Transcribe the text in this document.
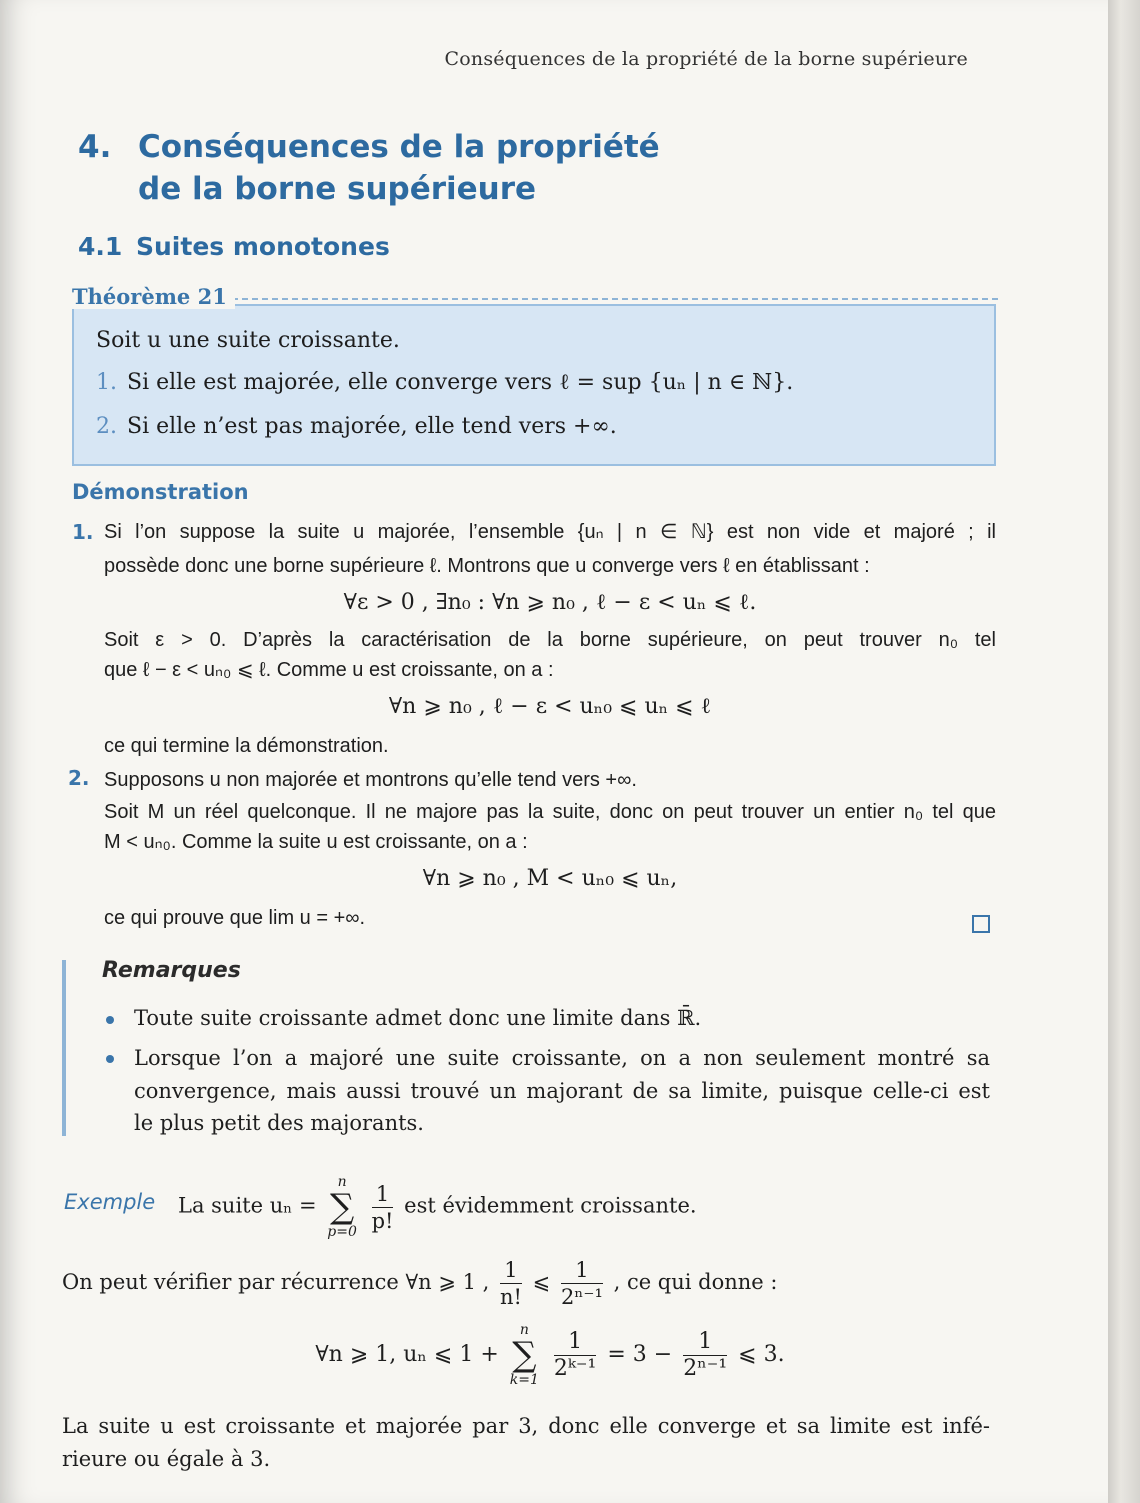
Conséquences de la propriété de la borne supérieure
4. Conséquences de la propriété
de la borne supérieure
4.1 Suites monotones
Théorème 21
Soit u une suite croissante.
1. Si elle est majorée, elle converge vers ℓ = sup {uₙ | n ∈ ℕ}.
2. Si elle n’est pas majorée, elle tend vers +∞.
Démonstration
1. Si l’on suppose la suite u majorée, l’ensemble {uₙ | n ∈ ℕ} est non vide et majoré ; il
possède donc une borne supérieure ℓ. Montrons que u converge vers ℓ en établissant :
∀ε > 0 , ∃n₀ : ∀n ⩾ n₀ , ℓ − ε < uₙ ⩽ ℓ.
Soit ε > 0. D’après la caractérisation de la borne supérieure, on peut trouver n₀ tel
que ℓ − ε < uₙ₀ ⩽ ℓ. Comme u est croissante, on a :
∀n ⩾ n₀ , ℓ − ε < uₙ₀ ⩽ uₙ ⩽ ℓ
ce qui termine la démonstration.
2. Supposons u non majorée et montrons qu’elle tend vers +∞.
Soit M un réel quelconque. Il ne majore pas la suite, donc on peut trouver un entier n₀ tel que
M < uₙ₀. Comme la suite u est croissante, on a :
∀n ⩾ n₀ , M < uₙ₀ ⩽ uₙ,
ce qui prouve que lim u = +∞.
Remarques
Toute suite croissante admet donc une limite dans ℝ̄.
Lorsque l’on a majoré une suite croissante, on a non seulement montré sa
convergence, mais aussi trouvé un majorant de sa limite, puisque celle-ci est
le plus petit des majorants.
Exemple La suite uₙ =
n
∑
p=0
$\frac{1}{p!}$ est évidemment croissante.
On peut vérifier par récurrence ∀n ⩾ 1 , $\frac{1}{n!}$ ⩽ $\frac{1}{\text{2ⁿ⁻¹}}$ , ce qui donne :
∀n ⩾ 1, uₙ ⩽ 1 +
n
∑
k=1
$\frac{1}{\text{2ᵏ⁻¹}} = 3 - \frac{1}{\text{2ⁿ⁻¹}}$ ⩽ 3.
La suite u est croissante et majorée par 3, donc elle converge et sa limite est infé-
rieure ou égale à 3.
